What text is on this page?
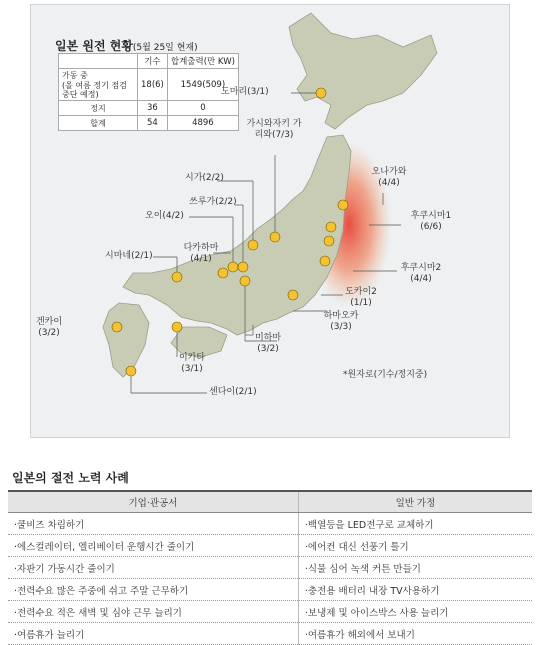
일본 원전 현황(5월 25일 현재)
	기수	합계출력(만 KW)
가동 중
(올 여름 정기 점검 중단 예정)	18(6)	1549(509)
정지	36	0
합계	54	4896
도마리(3/1)
가시와자키 가리와(7/3)
오나가와
(4/4)
시가(2/2)
쓰루가(2/2)
후쿠시마1
(6/6)
오이(4/2)
다카하마
(4/1)
시마네(2/1)
후쿠시마2
(4/4)
도카이2
(1/1)
하마오카
(3/3)
겐카이
(3/2)	미하마
(3/2)
이카타
(3/1)
센다이(2/1)
*원자로(기수/정지중)
일본의 절전 노력 사례
기업·관공서	일반 가정
·쿨비즈 차림하기	·백열등을 LED전구로 교체하기
·에스컬레이터, 엘리베이터 운행시간 줄이기	·에어컨 대신 선풍기 틀기
·자판기 가동시간 줄이기	·식물 심어 녹색 커튼 만들기
·전력수요 많은 주중에 쉬고 주말 근무하기	·충전용 배터리 내장 TV사용하기
·전력수요 적은 새벽 및 심야 근무 늘리기	·보냉제 및 아이스박스 사용 늘리기
·여름휴가 늘리기	·여름휴가 해외에서 보내기
